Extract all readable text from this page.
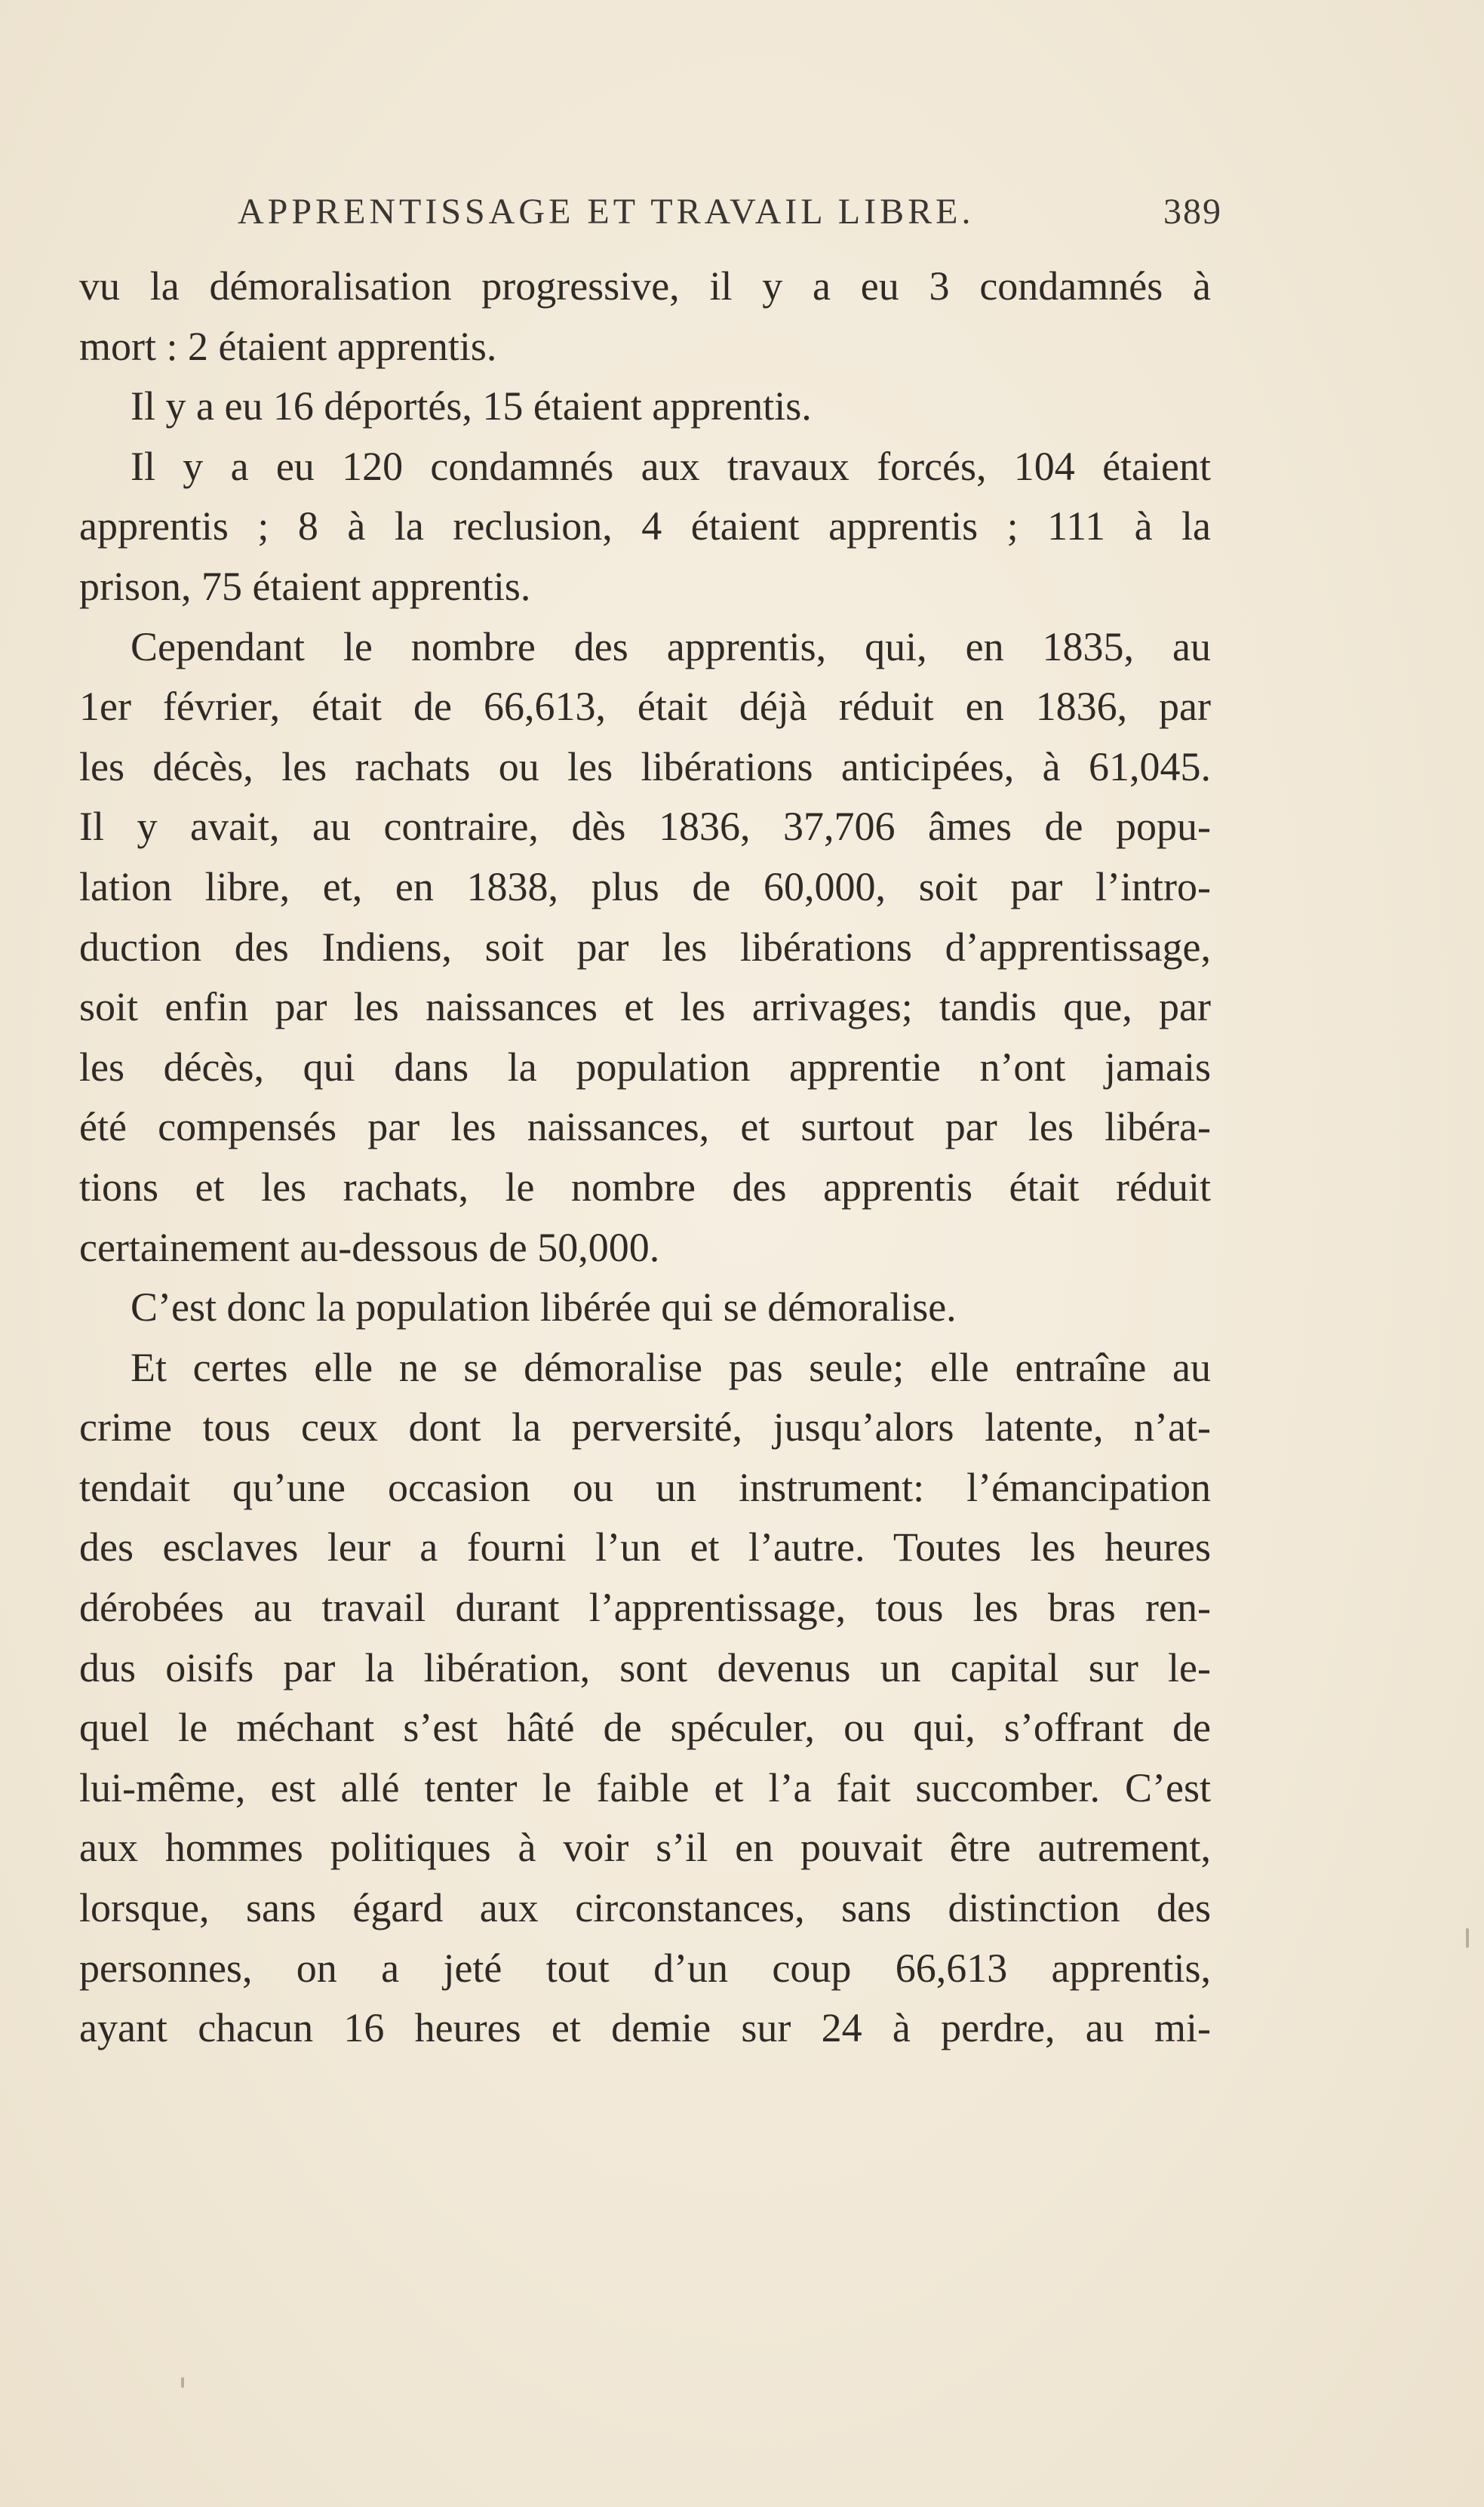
APPRENTISSAGE ET TRAVAIL LIBRE.	389
vu la démoralisation progressive, il y a eu 3 condamnés à
mort : 2 étaient apprentis.
Il y a eu 16 déportés, 15 étaient apprentis.
Il y a eu 120 condamnés aux travaux forcés, 104 étaient
apprentis ; 8 à la reclusion, 4 étaient apprentis ; 111 à la
prison, 75 étaient apprentis.
Cependant le nombre des apprentis, qui, en 1835, au
1er février, était de 66,613, était déjà réduit en 1836, par
les décès, les rachats ou les libérations anticipées, à 61,045.
Il y avait, au contraire, dès 1836, 37,706 âmes de popu-
lation libre, et, en 1838, plus de 60,000, soit par l’intro-
duction des Indiens, soit par les libérations d’apprentissage,
soit enfin par les naissances et les arrivages; tandis que, par
les décès, qui dans la population apprentie n’ont jamais
été compensés par les naissances, et surtout par les libéra-
tions et les rachats, le nombre des apprentis était réduit
certainement au-dessous de 50,000.
C’est donc la population libérée qui se démoralise.
Et certes elle ne se démoralise pas seule; elle entraîne au
crime tous ceux dont la perversité, jusqu’alors latente, n’at-
tendait qu’une occasion ou un instrument: l’émancipation
des esclaves leur a fourni l’un et l’autre. Toutes les heures
dérobées au travail durant l’apprentissage, tous les bras ren-
dus oisifs par la libération, sont devenus un capital sur le-
quel le méchant s’est hâté de spéculer, ou qui, s’offrant de
lui-même, est allé tenter le faible et l’a fait succomber. C’est
aux hommes politiques à voir s’il en pouvait être autrement,
lorsque, sans égard aux circonstances, sans distinction des
personnes, on a jeté tout d’un coup 66,613 apprentis,
ayant chacun 16 heures et demie sur 24 à perdre, au mi-
